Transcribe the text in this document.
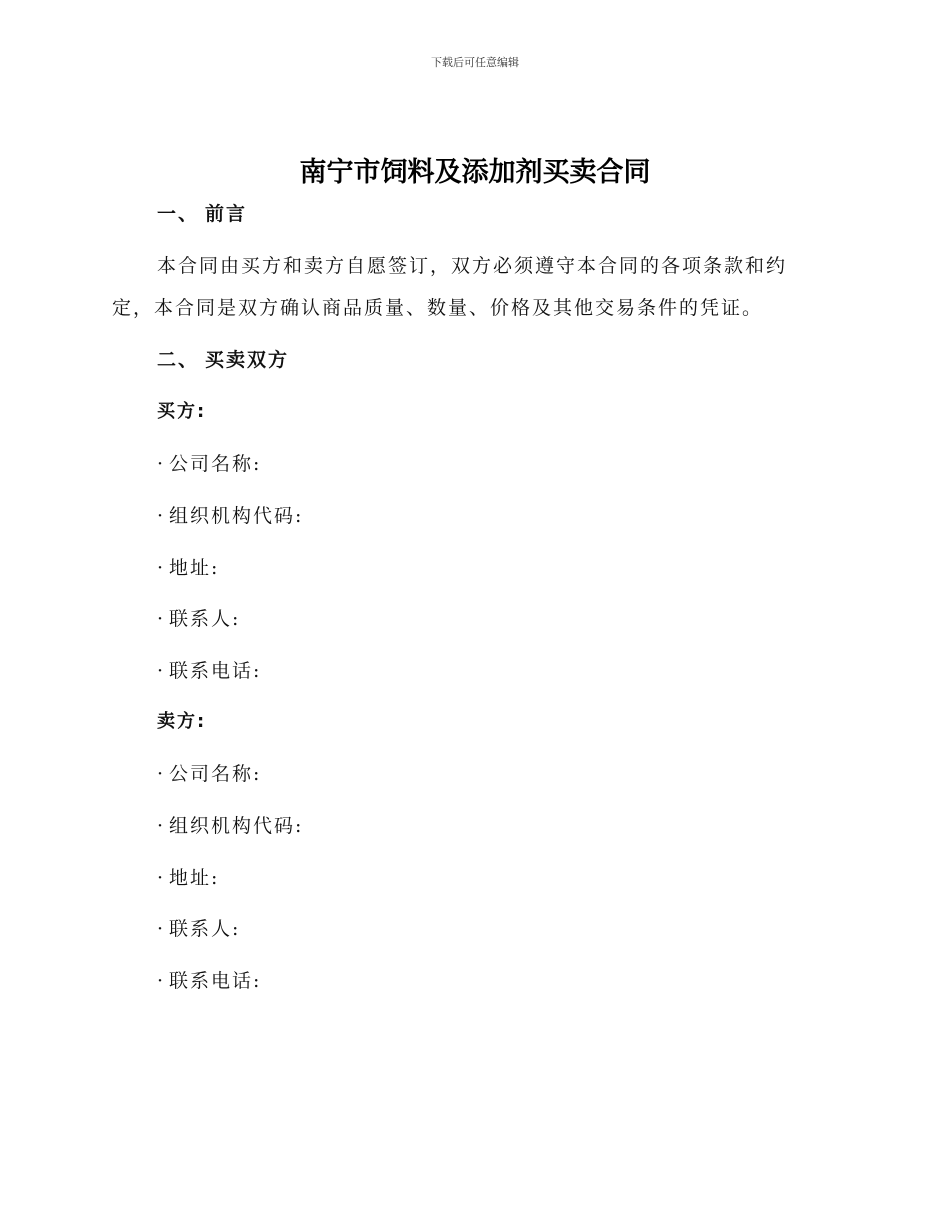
下载后可任意编辑
南宁市饲料及添加剂买卖合同
一、 前言
本合同由买方和卖方自愿签订，双方必须遵守本合同的各项条款和约
定，本合同是双方确认商品质量、数量、价格及其他交易条件的凭证。
二、 买卖双方
买方:
· 公司名称:
· 组织机构代码:
· 地址:
· 联系人:
· 联系电话:
卖方:
· 公司名称:
· 组织机构代码:
· 地址:
· 联系人:
· 联系电话:
